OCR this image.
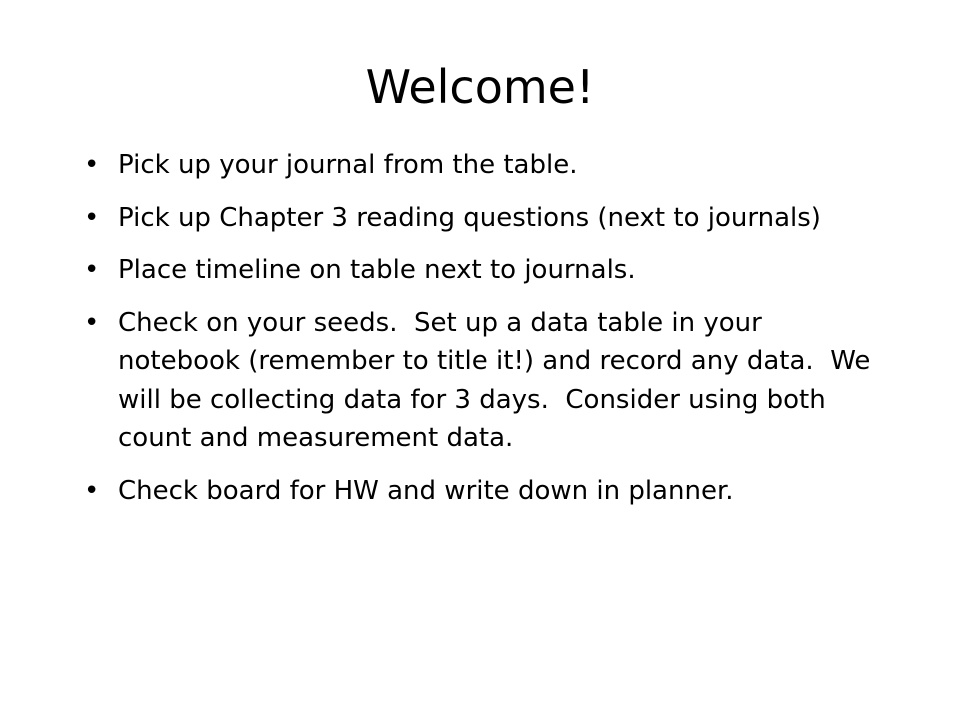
Welcome!
• Pick up your journal from the table.
• Pick up Chapter 3 reading questions (next to journals)
• Place timeline on table next to journals.
• Check on your seeds.  Set up a data table in your notebook (remember to title it!) and record any data.  We will be collecting data for 3 days.  Consider using both count and measurement data.
• Check board for HW and write down in planner.
